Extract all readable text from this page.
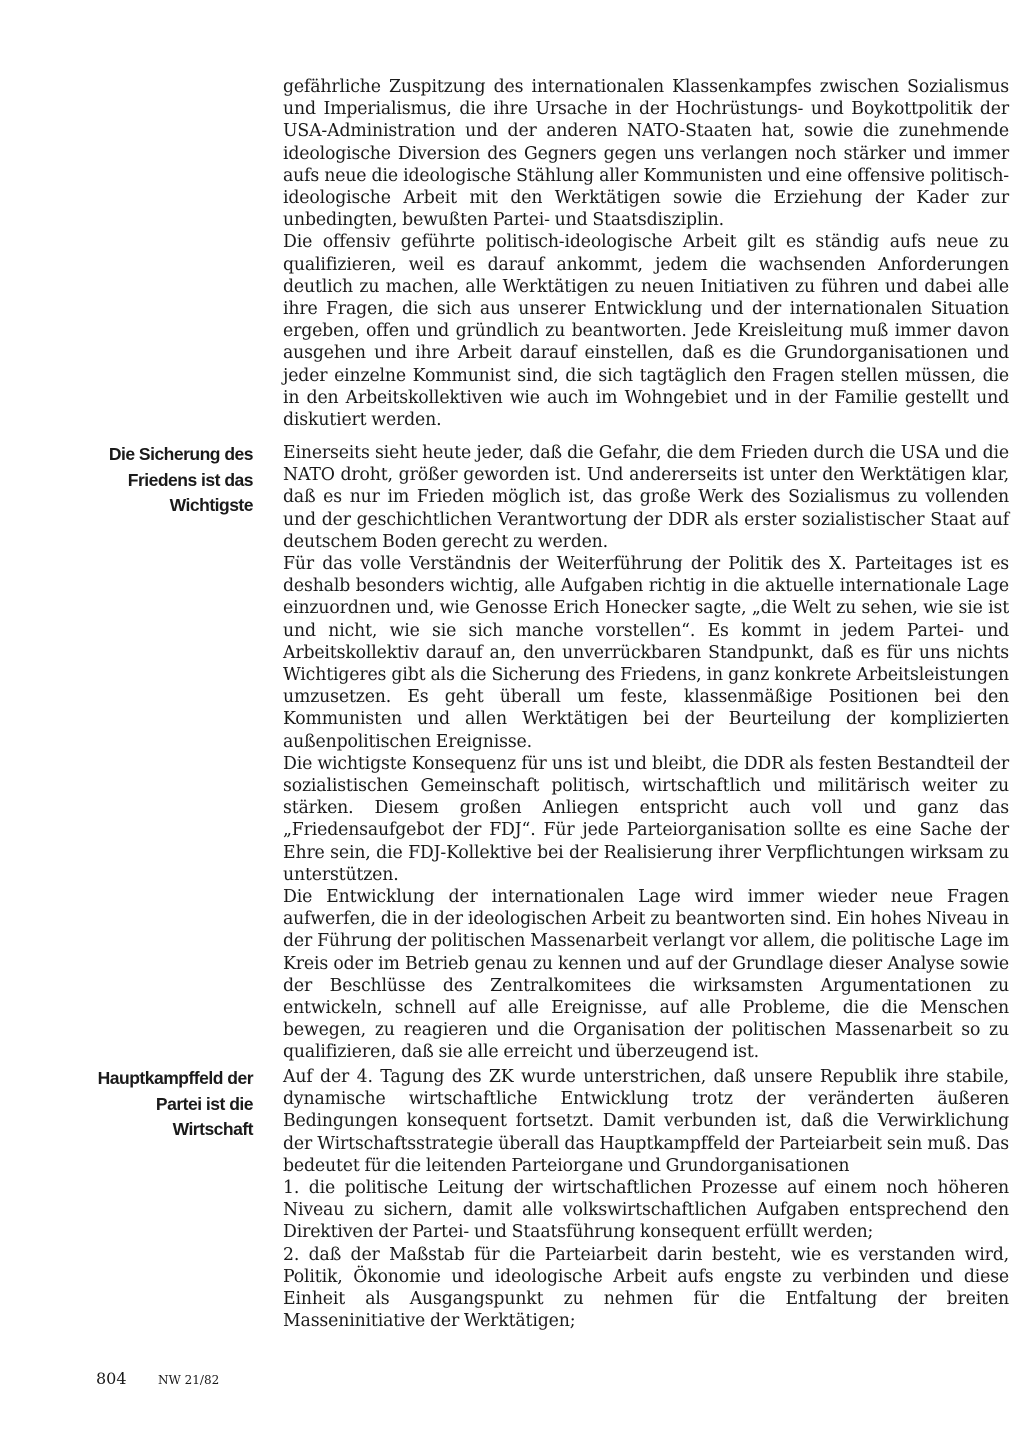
gefährliche Zuspitzung des internationalen Klassenkampfes zwischen Sozialismus und Imperialismus, die ihre Ursache in der Hochrüstungs- und Boykottpolitik der USA-Administration und der anderen NATO-Staaten hat, sowie die zunehmende ideologische Diversion des Gegners gegen uns verlangen noch stärker und immer aufs neue die ideologische Stählung aller Kommunisten und eine offensive politisch-ideologische Arbeit mit den Werktätigen sowie die Erziehung der Kader zur unbedingten, bewußten Partei- und Staatsdisziplin.

Die offensiv geführte politisch-ideologische Arbeit gilt es ständig aufs neue zu qualifizieren, weil es darauf ankommt, jedem die wachsenden Anforderungen deutlich zu machen, alle Werktätigen zu neuen Initiativen zu führen und dabei alle ihre Fragen, die sich aus unserer Entwicklung und der internationalen Situation ergeben, offen und gründlich zu beantworten. Jede Kreisleitung muß immer davon ausgehen und ihre Arbeit darauf einstellen, daß es die Grundorganisationen und jeder einzelne Kommunist sind, die sich tagtäglich den Fragen stellen müssen, die in den Arbeitskollektiven wie auch im Wohngebiet und in der Familie gestellt und diskutiert werden.

Die Sicherung des Friedens ist das Wichtigste

Einerseits sieht heute jeder, daß die Gefahr, die dem Frieden durch die USA und die NATO droht, größer geworden ist. Und andererseits ist unter den Werktätigen klar, daß es nur im Frieden möglich ist, das große Werk des Sozialismus zu vollenden und der geschichtlichen Verantwortung der DDR als erster sozialistischer Staat auf deutschem Boden gerecht zu werden.

Für das volle Verständnis der Weiterführung der Politik des X. Parteitages ist es deshalb besonders wichtig, alle Aufgaben richtig in die aktuelle internationale Lage einzuordnen und, wie Genosse Erich Honecker sagte, „die Welt zu sehen, wie sie ist und nicht, wie sie sich manche vorstellen“. Es kommt in jedem Partei- und Arbeitskollektiv darauf an, den unverrückbaren Standpunkt, daß es für uns nichts Wichtigeres gibt als die Sicherung des Friedens, in ganz konkrete Arbeitsleistungen umzusetzen. Es geht überall um feste, klassenmäßige Positionen bei den Kommunisten und allen Werktätigen bei der Beurteilung der komplizierten außenpolitischen Ereignisse.

Die wichtigste Konsequenz für uns ist und bleibt, die DDR als festen Bestandteil der sozialistischen Gemeinschaft politisch, wirtschaftlich und militärisch weiter zu stärken. Diesem großen Anliegen entspricht auch voll und ganz das „Friedensaufgebot der FDJ“. Für jede Parteiorganisation sollte es eine Sache der Ehre sein, die FDJ-Kollektive bei der Realisierung ihrer Verpflichtungen wirksam zu unterstützen.

Die Entwicklung der internationalen Lage wird immer wieder neue Fragen aufwerfen, die in der ideologischen Arbeit zu beantworten sind. Ein hohes Niveau in der Führung der politischen Massenarbeit verlangt vor allem, die politische Lage im Kreis oder im Betrieb genau zu kennen und auf der Grundlage dieser Analyse sowie der Beschlüsse des Zentralkomitees die wirksamsten Argumentationen zu entwickeln, schnell auf alle Ereignisse, auf alle Probleme, die die Menschen bewegen, zu reagieren und die Organisation der politischen Massenarbeit so zu qualifizieren, daß sie alle erreicht und überzeugend ist.

Hauptkampffeld der Partei ist die Wirtschaft

Auf der 4. Tagung des ZK wurde unterstrichen, daß unsere Republik ihre stabile, dynamische wirtschaftliche Entwicklung trotz der veränderten äußeren Bedingungen konsequent fortsetzt. Damit verbunden ist, daß die Verwirklichung der Wirtschaftsstrategie überall das Hauptkampffeld der Parteiarbeit sein muß. Das bedeutet für die leitenden Parteiorgane und Grundorganisationen

1. die politische Leitung der wirtschaftlichen Prozesse auf einem noch höheren Niveau zu sichern, damit alle volkswirtschaftlichen Aufgaben entsprechend den Direktiven der Partei- und Staatsführung konsequent erfüllt werden;

2. daß der Maßstab für die Parteiarbeit darin besteht, wie es verstanden wird, Politik, Ökonomie und ideologische Arbeit aufs engste zu verbinden und diese Einheit als Ausgangspunkt zu nehmen für die Entfaltung der breiten Masseninitiative der Werktätigen;

804	NW 21/82
